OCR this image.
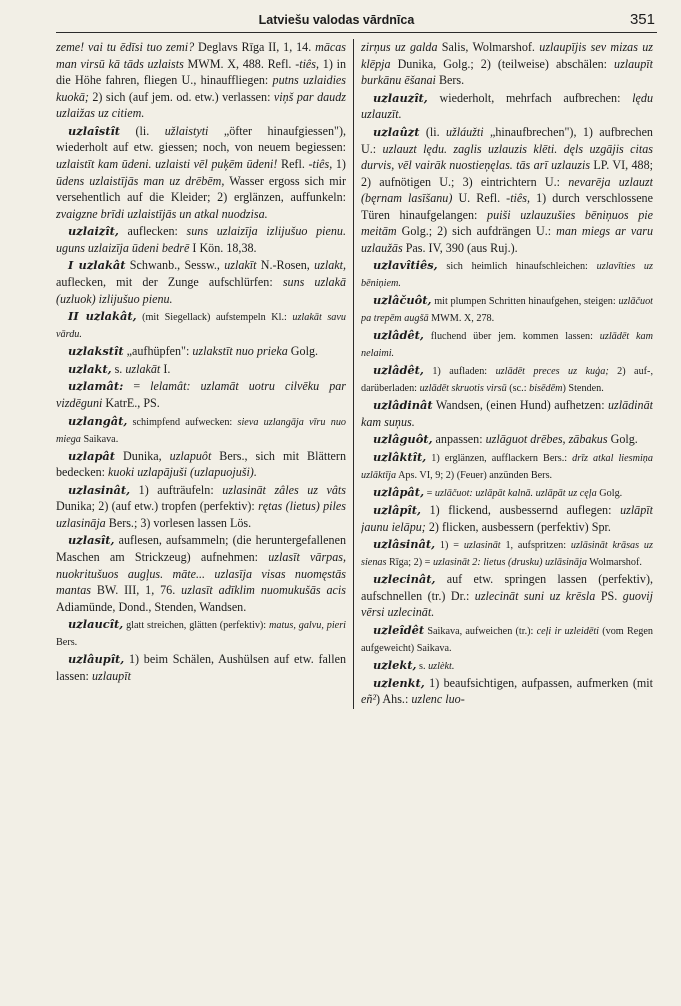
Latviešu valodas vārdnīca	351

zeme! vai tu ēdīsi tuo zemi? Deglavs Rīga II, 1, 14. mācas man virsū kā tāds uzlaists MWM. X, 488. Refl. -tiês, 1) in die Höhe fahren, fliegen U., hinauffliegen: putns uzlaidies kuokā; 2) sich (auf jem. od. etw.) verlassen: viņš par daudz uzlaižas uz citiem.

uzlaîstît (li. užlaistyti „öfter hinaufgiessen"), wiederholt auf etw. giessen; noch, von neuem begiessen: uzlaistīt kam ūdeni. uzlaisti vēl puķēm ūdeni! Refl. -tiês, 1) ūdens uzlaistījās man uz drēbēm, Wasser ergoss sich mir versehentlich auf die Kleider; 2) erglänzen, auffunkeln: zvaigzne brīdi uzlaistījās un atkal nuodzisa.

uzlaizît, auflecken: suns uzlaizīja izlijušuo pienu. uguns uzlaizīja ūdeni bedrē I Kön. 18,38.

I uzlakât Schwanb., Sessw., uzlakīt N.-Rosen, uzlakt, auflecken, mit der Zunge aufschlürfen: suns uzlakā (uzluok) izlijušuo pienu.

II uzlakât, (mit Siegellack) aufstempeln Kl.: uzlakāt savu vārdu.

uzlakstît „aufhüpfen": uzlakstīt nuo prieka Golg.

uzlakt, s. uzlakāt I.

uzlamât: = lelamât: uzlamāt uotru cilvēku par vizdēguni KatrE., PS.

uzlangât, schimpfend aufwecken: sieva uzlangāja vīru nuo miega Saikava.

uzlapât Dunika, uzlapuôt Bers., sich mit Blättern bedecken: kuoki uzlapājuši (uzlapuojuši).

uzlasinât, 1) aufträufeln: uzlasināt zâles uz vâts Dunika; 2) (auf etw.) tropfen (perfektiv): rętas (lietus) piles uzlasināja Bers.; 3) vorlesen lassen Lös.

uzlasît, auflesen, aufsammeln; (die heruntergefallenen Maschen am Strickzeug) aufnehmen: uzlasīt vārpas, nuokritušuos augļus. māte... uzlasīja visas nuomęstās mantas BW. III, 1, 76. uzlasīt adīklim nuomukušās acis Adiamünde, Dond., Stenden, Wandsen.

uzlaucît, glatt streichen, glätten (perfektiv): matus, galvu, pieri Bers.

uzlâupît, 1) beim Schälen, Aushülsen auf etw. fallen lassen: uzlaupīt

zirņus uz galda Salis, Wolmarshof. uzlaupījis sev mizas uz klēpja Dunika, Golg.; 2) (teilweise) abschälen: uzlaupīt burkānu ēšanai Bers.

uzlauzît, wiederholt, mehrfach aufbrechen: lędu uzlauzīt.

uzlaûzt (li. užláužti „hinaufbrechen"), 1) aufbrechen U.: uzlauzt lędu. zaglis uzlauzis klēti. dęls uzgājis citas durvis, vēl vairāk nuostieņęlas. tās arī uzlauzis LP. VI, 488; 2) aufnötigen U.; 3) eintrichtern U.: nevarēja uzlauzt (bęrnam lasīšanu) U. Refl. -tiês, 1) durch verschlossene Türen hinaufgelangen: puiši uzlauzušies bēniņuos pie meitām Golg.; 2) sich aufdrängen U.: man miegs ar varu uzlaužās Pas. IV, 390 (aus Ruj.).

uzlavîtiês, sich heimlich hinaufschleichen: uzlavīties uz bēniņiem.

uzlâčuôt, mit plumpen Schritten hinaufgehen, steigen: uzlāčuot pa trepēm augšā MWM. X, 278.

uzlâdêt, fluchend über jem. kommen lassen: uzlādēt kam nelaimi.

uzlâdêt, 1) aufladen: uzlādēt preces uz kuģa; 2) auf-, darüberladen: uzlādēt skruotis virsū (sc.: bisēdēm) Stenden.

uzlâdinât Wandsen, (einen Hund) aufhetzen: uzlādināt kam suņus.

uzlâguôt, anpassen: uzlāguot drēbes, zābakus Golg.

uzlâktît, 1) erglänzen, aufflackern Bers.: drīz atkal liesmiņa uzlāktīja Aps. VI, 9; 2) (Feuer) anzünden Bers.

uzlâpât, = uzlāčuot: uzlāpāt kalnā. uzlāpāt uz cęļa Golg.

uzlâpît, 1) flickend, ausbessernd auflegen: uzlāpīt jaunu ielāpu; 2) flicken, ausbessern (perfektiv) Spr.

uzlâsinât, 1) = uzlasināt 1, aufspritzen: uzlāsināt krāsas uz sienas Rīga; 2) = uzlasināt 2: lietus (drusku) uzlāsināja Wolmarshof.

uzlecinât, auf etw. springen lassen (perfektiv), aufschnellen (tr.) Dr.: uzlecināt suni uz krēsla PS. guovij vērsi uzlecināt.

uzleîdêt Saikava, aufweichen (tr.): ceļi ir uzleidēti (vom Regen aufgeweicht) Saikava.

uzlekt, s. uzlèkt.

uzlenkt, 1) beaufsichtigen, aufpassen, aufmerken (mit eñ²) Ahs.: uzlenc luo-
